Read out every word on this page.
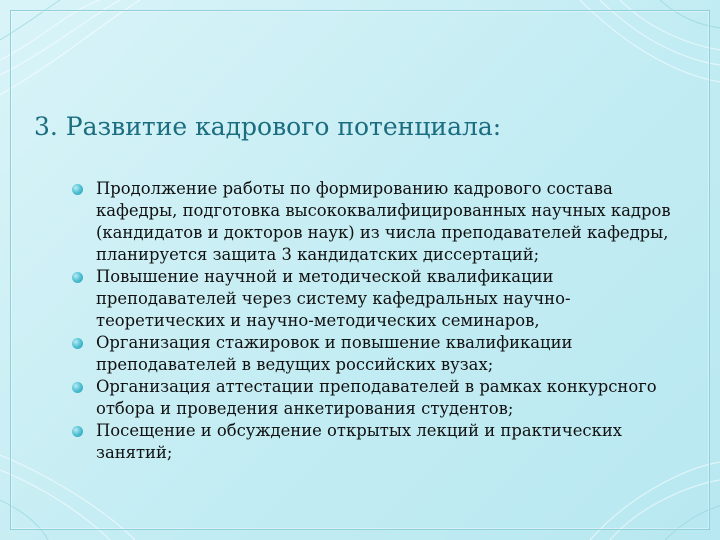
3. Развитие кадрового потенциала:
Продолжение работы по формированию кадрового состава
кафедры, подготовка высококвалифицированных научных кадров
(кандидатов и докторов наук) из числа преподавателей кафедры,
планируется защита 3 кандидатских диссертаций;
Повышение научной и методической квалификации
преподавателей через систему кафедральных научно-
теоретических и научно-методических семинаров,
Организация стажировок и повышение квалификации
преподавателей в ведущих российских вузах;
Организация аттестации преподавателей в рамках конкурсного
отбора и проведения анкетирования студентов;
Посещение и обсуждение открытых лекций и практических
занятий;
